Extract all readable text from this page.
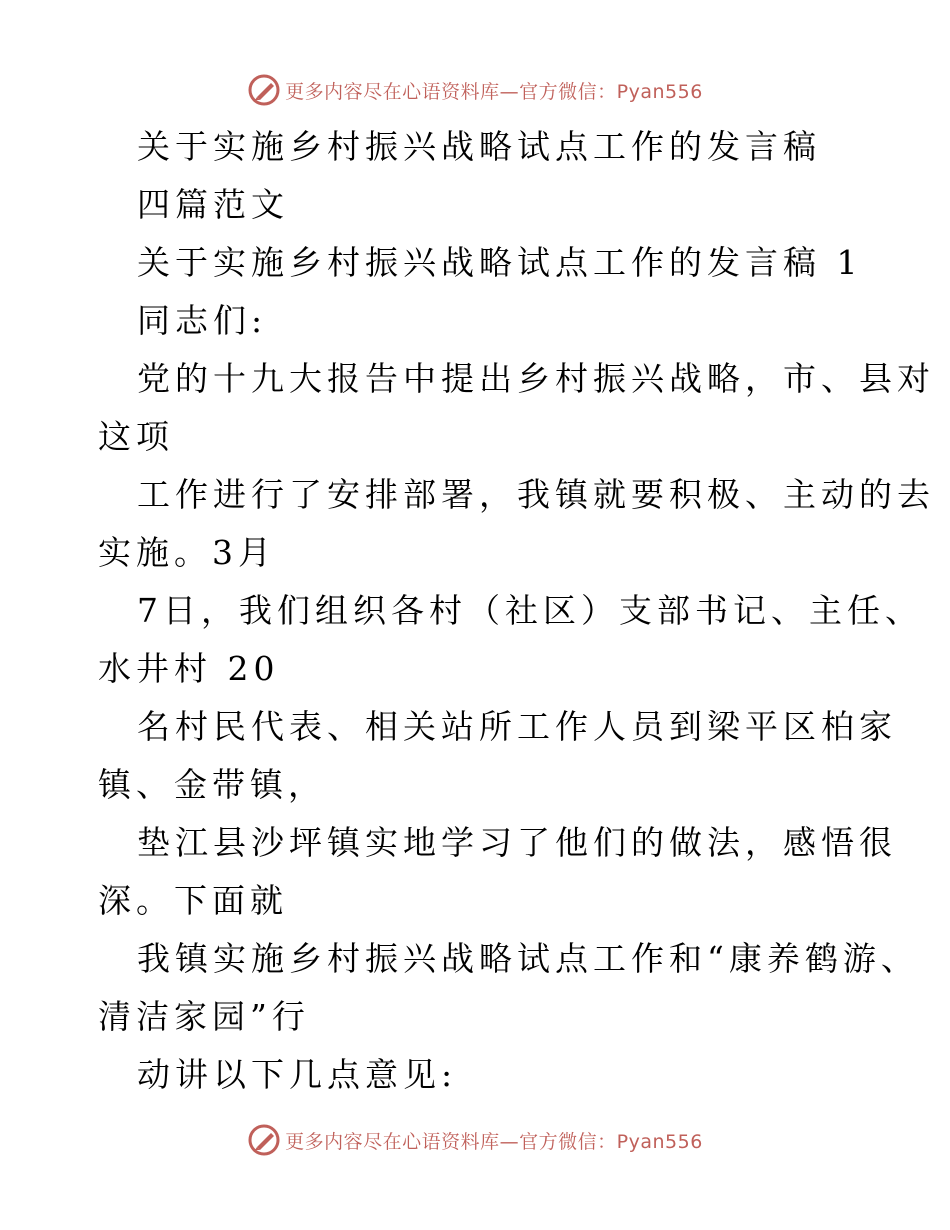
更多内容尽在心语资料库—官方微信：Pyan556
关于实施乡村振兴战略试点工作的发言稿
四篇范文
关于实施乡村振兴战略试点工作的发言稿 1
同志们:
党的十九大报告中提出乡村振兴战略，市、县对
这项
工作进行了安排部署，我镇就要积极、主动的去
实施。3月
7日，我们组织各村（社区）支部书记、主任、
水井村 20
名村民代表、相关站所工作人员到梁平区柏家
镇、金带镇，
垫江县沙坪镇实地学习了他们的做法，感悟很
深。下面就
我镇实施乡村振兴战略试点工作和“康养鹤游、
清洁家园”行
动讲以下几点意见:
更多内容尽在心语资料库—官方微信：Pyan556
